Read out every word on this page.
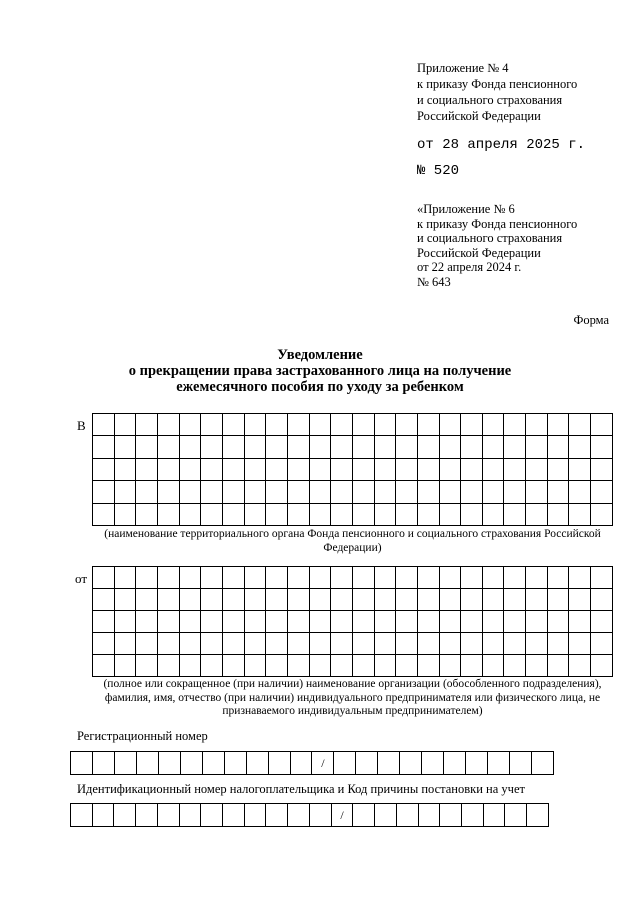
Приложение № 4
к приказу Фонда пенсионного
и социального страхования
Российской Федерации
от 28 апреля 2025 г.
№ 520
«Приложение № 6
к приказу Фонда пенсионного
и социального страхования
Российской Федерации
от 22 апреля 2024 г.
№ 643
Форма
Уведомление
о прекращении права застрахованного лица на получение
ежемесячного пособия по уходу за ребенком
В

(наименование территориального органа Фонда пенсионного и социального страхования Российской Федерации)
от

(полное или сокращенное (при наличии) наименование организации (обособленного подразделения), фамилия, имя, отчество (при наличии) индивидуального предпринимателя или физического лица, не признаваемого индивидуальным предпринимателем)
Регистрационный номер
											/										
Идентификационный номер налогоплательщика и Код причины постановки на учет
												/									
